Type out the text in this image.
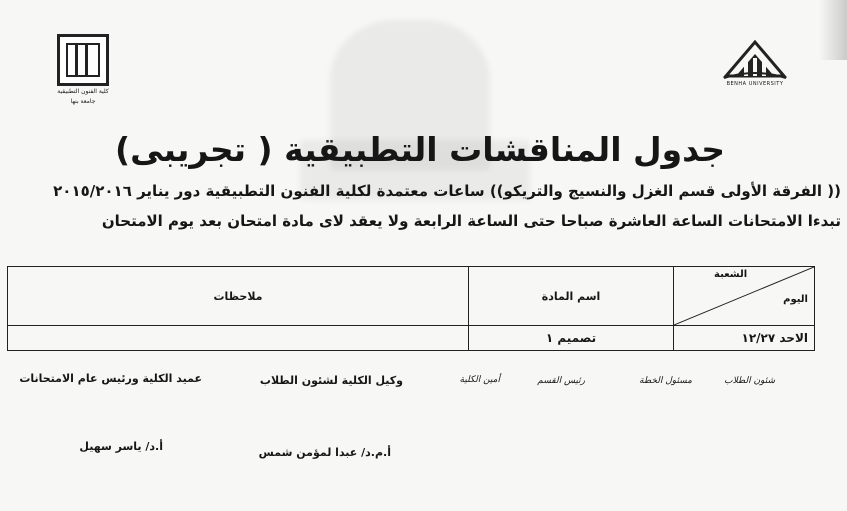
كلية الفنون التطبيقية
جامعة بنها
BENHA UNIVERSITY
جدول المناقشات التطبيقية ( تجريبى)
(( الفرقة الأولى قسم الغزل والنسيج والتريكو)) ساعات معتمدة لكلية الفنون التطبيقية دور يناير ٢٠١٥/٢٠١٦
تبدءا الامتحانات الساعة العاشرة صباحا حتى الساعة الرابعة ولا يعقد لاى مادة امتحان بعد يوم الامتحان
اليوم
الشعبة	اسم المادة	ملاحظات
الاحد ١٢/٢٧	تصميم ١	
شئون الطلاب
مسئول الخطة
رئيس القسم
أمين الكلية
وكيل الكلية لشئون الطلاب
عميد الكلية ورئيس عام الامتحانات
أ.م.د/ عبدا لمؤمن شمس
أ.د/ ياسر سهيل
